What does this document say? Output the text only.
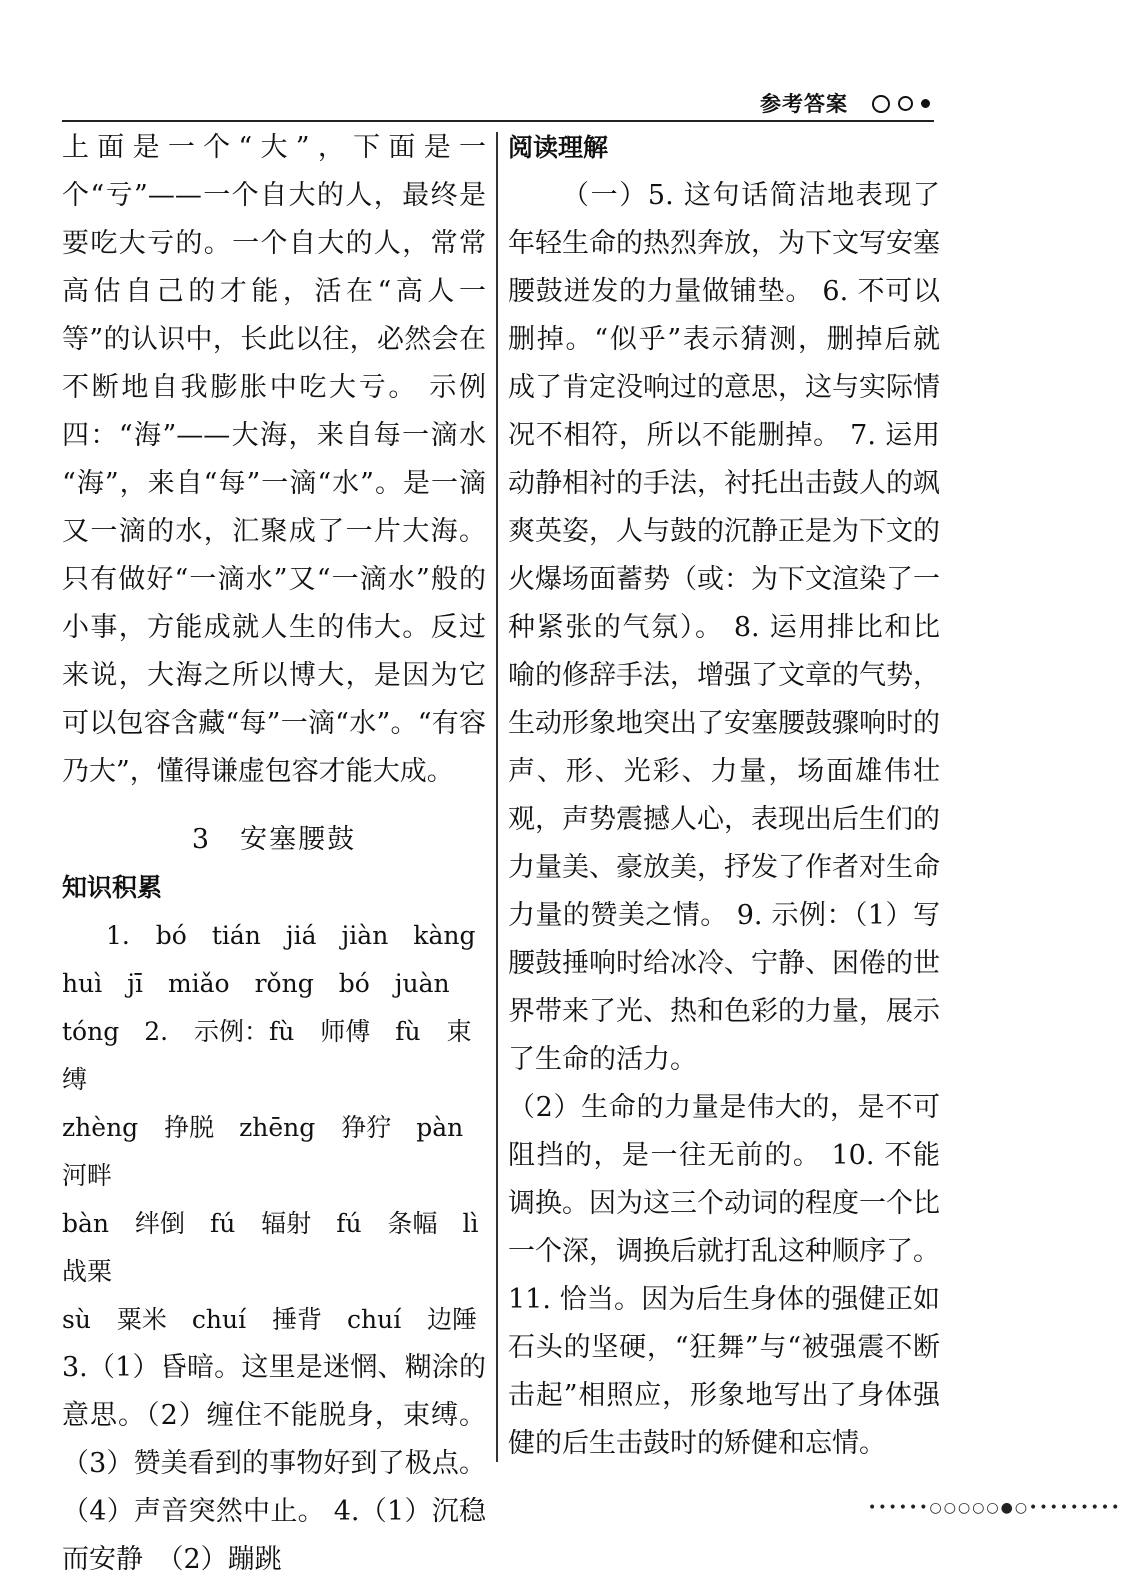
参考答案

上面是一个“大”，下面是一个“亏”——一个自大的人，最终是要吃大亏的。一个自大的人，常常高估自己的才能，活在“高人一等”的认识中，长此以往，必然会在不断地自我膨胀中吃大亏。 示例四：“海”——大海，来自每一滴水 “海”，来自“每”一滴“水”。是一滴又一滴的水，汇聚成了一片大海。只有做好“一滴水”又“一滴水”般的小事，方能成就人生的伟大。反过来说，大海之所以博大，是因为它可以包容含藏“每”一滴“水”。“有容乃大”，懂得谦虚包容才能大成。

3　安塞腰鼓

知识积累

1. bó　tián　jiá　jiàn　kàng

huì　jī　miǎo　rǒng　bó　juàn

tóng　2. 示例：fù 师傅　fù 束缚

zhèng 挣脱　zhēng 狰狞　pàn 河畔

bàn 绊倒　fú 辐射　fú 条幅　lì 战栗

sù 粟米　chuí 捶背　chuí 边陲

3.（1）昏暗。这里是迷惘、糊涂的意思。（2）缠住不能脱身，束缚。（3）赞美看到的事物好到了极点。（4）声音突然中止。 4.（1）沉稳而安静　（2）蹦跳

阅读理解

（一）5. 这句话简洁地表现了年轻生命的热烈奔放，为下文写安塞腰鼓迸发的力量做铺垫。 6. 不可以删掉。“似乎”表示猜测，删掉后就成了肯定没响过的意思，这与实际情况不相符，所以不能删掉。 7. 运用动静相衬的手法，衬托出击鼓人的飒爽英姿，人与鼓的沉静正是为下文的火爆场面蓄势（或：为下文渲染了一种紧张的气氛）。 8. 运用排比和比喻的修辞手法，增强了文章的气势，生动形象地突出了安塞腰鼓骤响时的声、形、光彩、力量，场面雄伟壮观，声势震撼人心，表现出后生们的力量美、豪放美，抒发了作者对生命力量的赞美之情。 9. 示例：（1）写腰鼓捶响时给冰冷、宁静、困倦的世界带来了光、热和色彩的力量，展示了生命的活力。

（2）生命的力量是伟大的，是不可阻挡的，是一往无前的。 10. 不能调换。因为这三个动词的程度一个比一个深，调换后就打乱这种顺序了。 11. 恰当。因为后生身体的强健正如石头的坚硬，“狂舞”与“被强震不断击起”相照应，形象地写出了身体强健的后生击鼓时的矫健和忘情。

••••••○○○○○●○•••••••••
